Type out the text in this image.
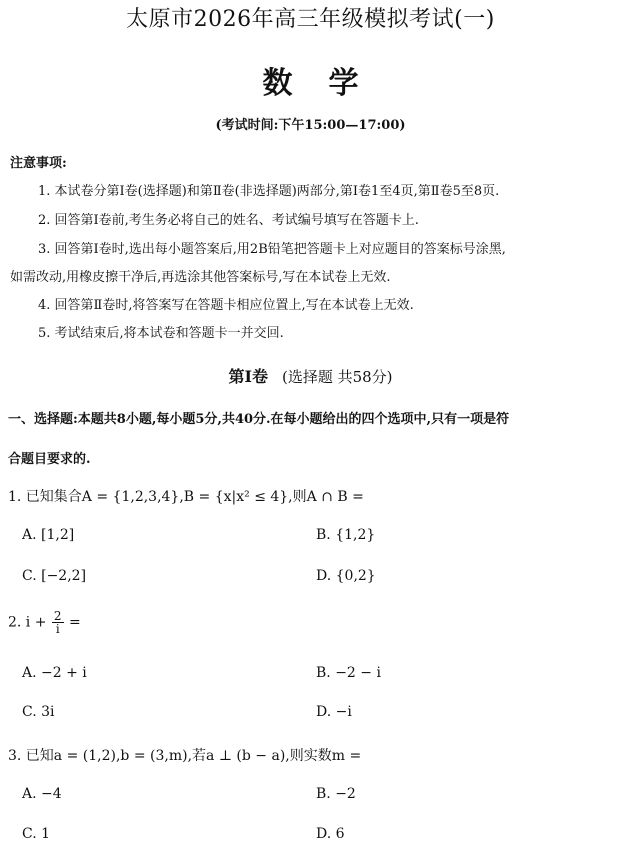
太原市2026年高三年级模拟考试(一)
数学
(考试时间:下午15:00—17:00)
注意事项:
1. 本试卷分第Ⅰ卷(选择题)和第Ⅱ卷(非选择题)两部分,第Ⅰ卷1至4页,第Ⅱ卷5至8页.
2. 回答第Ⅰ卷前,考生务必将自己的姓名、考试编号填写在答题卡上.
3. 回答第Ⅰ卷时,选出每小题答案后,用2B铅笔把答题卡上对应题目的答案标号涂黑,
如需改动,用橡皮擦干净后,再选涂其他答案标号,写在本试卷上无效.
4. 回答第Ⅱ卷时,将答案写在答题卡相应位置上,写在本试卷上无效.
5. 考试结束后,将本试卷和答题卡一并交回.
第Ⅰ卷 (选择题 共58分)
一、选择题:本题共8小题,每小题5分,共40分.在每小题给出的四个选项中,只有一项是符
合题目要求的.
1. 已知集合A = {1,2,3,4},B = {x|x² ≤ 4},则A ∩ B =
A. [1,2]	B. {1,2}
C. [−2,2]	D. {0,2}
2. $i + \frac{2}{i}$ =
A. −2 + i	B. −2 − i
C. 3i	D. −i
3. 已知a = (1,2),b = (3,m),若a ⊥ (b − a),则实数m =
A. −4	B. −2
C. 1	D. 6
